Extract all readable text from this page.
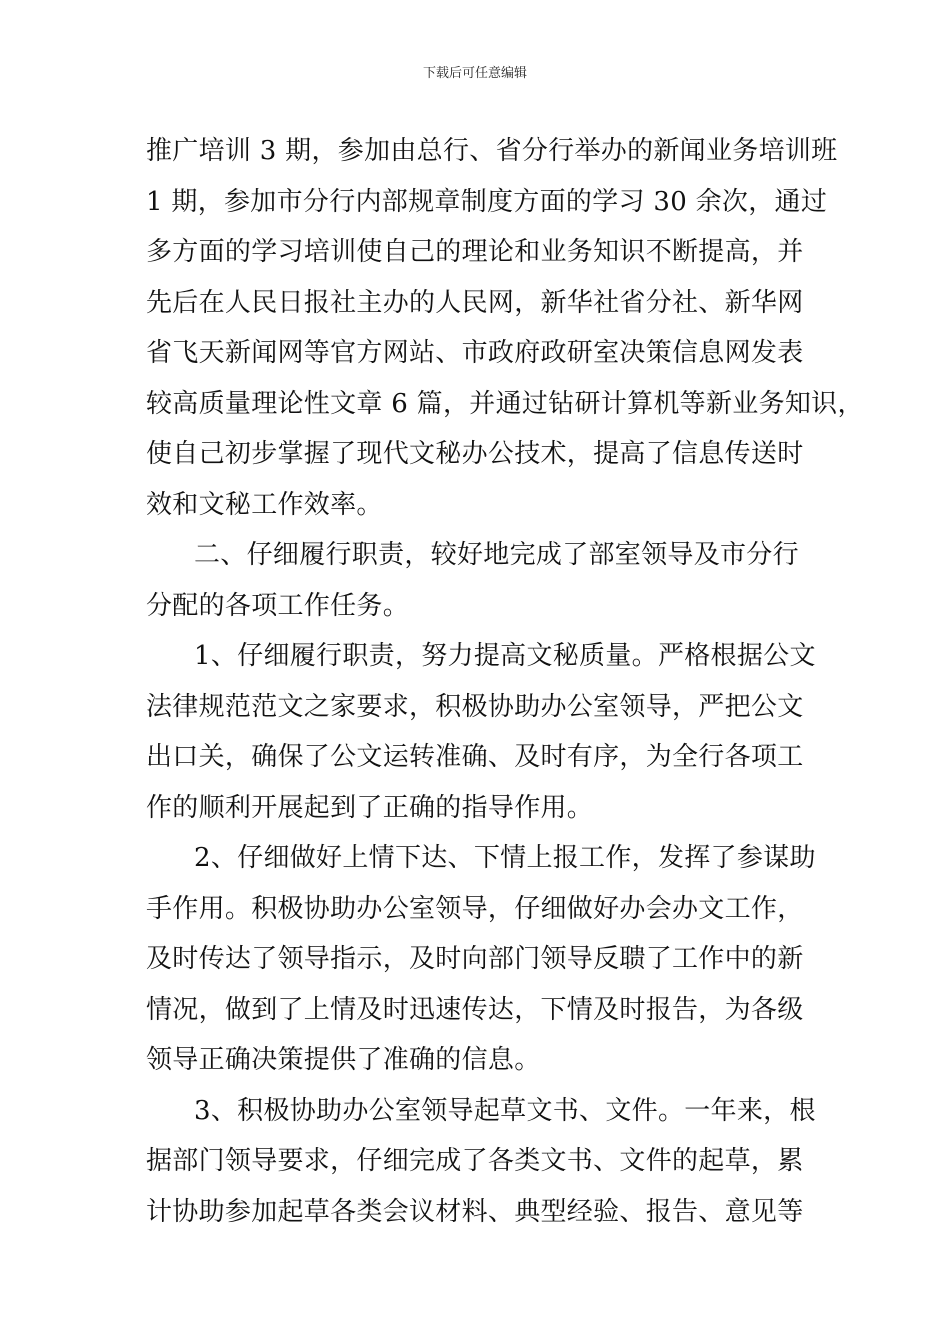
下载后可任意编辑
推广培训 3 期，参加由总行、省分行举办的新闻业务培训班
1 期，参加市分行内部规章制度方面的学习 30 余次，通过
多方面的学习培训使自己的理论和业务知识不断提高，并
先后在人民日报社主办的人民网，新华社省分社、新华网
省飞天新闻网等官方网站、市政府政研室决策信息网发表
较高质量理论性文章 6 篇，并通过钻研计算机等新业务知识，
使自己初步掌握了现代文秘办公技术，提高了信息传送时
效和文秘工作效率。
二、仔细履行职责，较好地完成了部室领导及市分行
分配的各项工作任务。
1、仔细履行职责，努力提高文秘质量。严格根据公文
法律规范范文之家要求，积极协助办公室领导，严把公文
出口关，确保了公文运转准确、及时有序，为全行各项工
作的顺利开展起到了正确的指导作用。
2、仔细做好上情下达、下情上报工作，发挥了参谋助
手作用。积极协助办公室领导，仔细做好办会办文工作，
及时传达了领导指示，及时向部门领导反聩了工作中的新
情况，做到了上情及时迅速传达，下情及时报告，为各级
领导正确决策提供了准确的信息。
3、积极协助办公室领导起草文书、文件。一年来，根
据部门领导要求，仔细完成了各类文书、文件的起草，累
计协助参加起草各类会议材料、典型经验、报告、意见等
